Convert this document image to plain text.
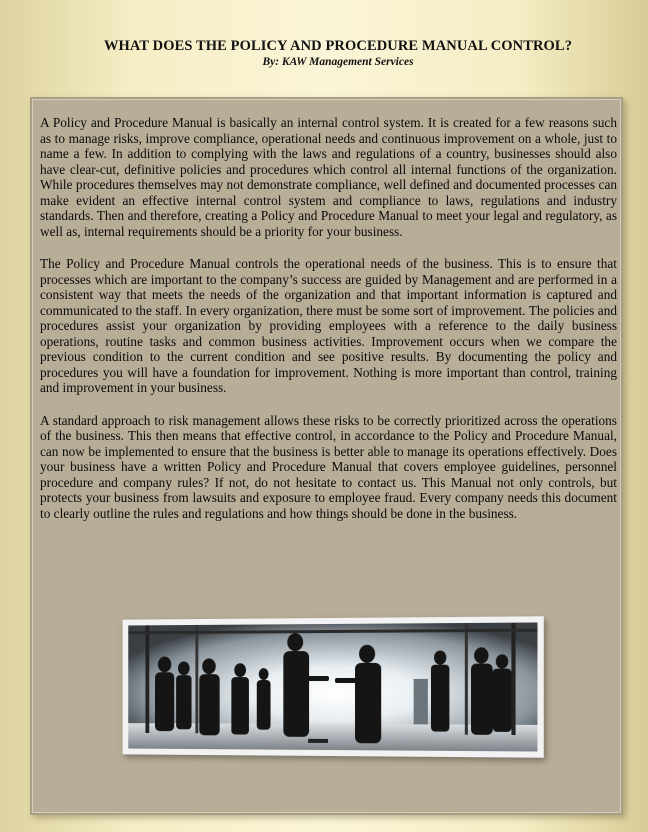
WHAT DOES THE POLICY AND PROCEDURE MANUAL CONTROL?
By: KAW Management Services

A Policy and Procedure Manual is basically an internal control system. It is created for a few reasons such as to manage risks, improve compliance, operational needs and continuous improvement on a whole, just to name a few. In addition to complying with the laws and regulations of a country, businesses should also have clear-cut, definitive policies and procedures which control all internal functions of the organization. While procedures themselves may not demonstrate compliance, well defined and documented processes can make evident an effective internal control system and compliance to laws, regulations and industry standards. Then and therefore, creating a Policy and Procedure Manual to meet your legal and regulatory, as well as, internal requirements should be a priority for your business.

The Policy and Procedure Manual controls the operational needs of the business. This is to ensure that processes which are important to the company’s success are guided by Management and are performed in a consistent way that meets the needs of the organization and that important information is captured and communicated to the staff. In every organization, there must be some sort of improvement. The policies and procedures assist your organization by providing employees with a reference to the daily business operations, routine tasks and common business activities. Improvement occurs when we compare the previous condition to the current condition and see positive results. By documenting the policy and procedures you will have a foundation for improvement. Nothing is more important than control, training and improvement in your business.

A standard approach to risk management allows these risks to be correctly prioritized across the operations of the business. This then means that effective control, in accordance to the Policy and Procedure Manual, can now be implemented to ensure that the business is better able to manage its operations effectively. Does your business have a written Policy and Procedure Manual that covers employee guidelines, personnel procedure and company rules? If not, do not hesitate to contact us. This Manual not only controls, but protects your business from lawsuits and exposure to employee fraud. Every company needs this document to clearly outline the rules and regulations and how things should be done in the business.
